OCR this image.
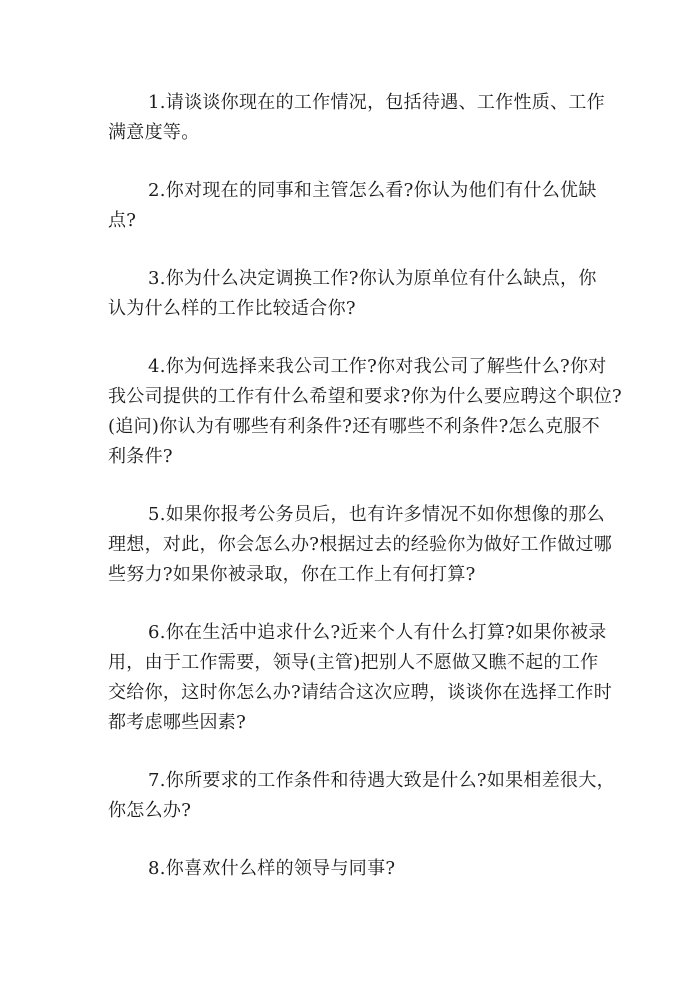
1.请谈谈你现在的工作情况，包括待遇、工作性质、工作
满意度等。
2.你对现在的同事和主管怎么看?你认为他们有什么优缺
点?
3.你为什么决定调换工作?你认为原单位有什么缺点，你
认为什么样的工作比较适合你?
4.你为何选择来我公司工作?你对我公司了解些什么?你对
我公司提供的工作有什么希望和要求?你为什么要应聘这个职位?
(追问)你认为有哪些有利条件?还有哪些不利条件?怎么克服不
利条件?
5.如果你报考公务员后，也有许多情况不如你想像的那么
理想，对此，你会怎么办?根据过去的经验你为做好工作做过哪
些努力?如果你被录取，你在工作上有何打算?
6.你在生活中追求什么?近来个人有什么打算?如果你被录
用，由于工作需要，领导(主管)把别人不愿做又瞧不起的工作
交给你，这时你怎么办?请结合这次应聘，谈谈你在选择工作时
都考虑哪些因素?
7.你所要求的工作条件和待遇大致是什么?如果相差很大，
你怎么办?
8.你喜欢什么样的领导与同事?
